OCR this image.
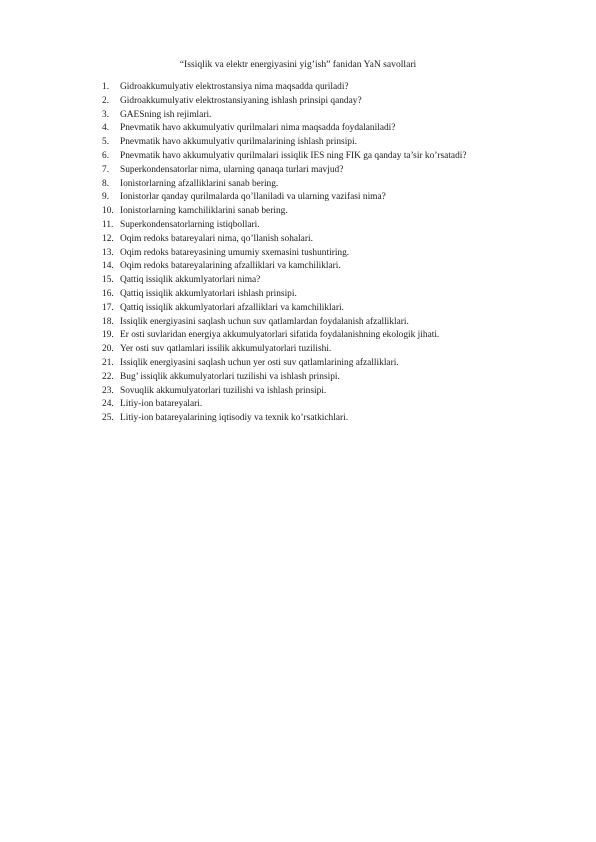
“Issiqlik va elektr energiyasini yig’ish” fanidan YaN savollari
1. Gidroakkumulyativ elektrostansiya nima maqsadda quriladi?
2. Gidroakkumulyativ elektrostansiyaning ishlash prinsipi qanday?
3. GAESning ish rejimlari.
4. Pnevmatik havo akkumulyativ qurilmalari nima maqsadda foydalaniladi?
5. Pnevmatik havo akkumulyativ qurilmalarining ishlash prinsipi.
6. Pnevmatik havo akkumulyativ qurilmalari issiqlik IES ning FIK ga qanday ta’sir ko’rsatadi?
7. Superkondensatorlar nima, ularning qanaqa turlari mavjud?
8. Ionistorlarning afzalliklarini sanab bering.
9. Ionistorlar qanday qurilmalarda qo’llaniladi va ularning vazifasi nima?
10. Ionistorlarning kamchiliklarini sanab bering.
11. Superkondensatorlarning istiqbollari.
12. Oqim redoks batareyalari nima, qo’llanish sohalari.
13. Oqim redoks batareyasining umumiy sxemasini tushuntiring.
14. Oqim redoks batareyalarining afzalliklari va kamchiliklari.
15. Qattiq issiqlik akkumlyatorlari nima?
16. Qattiq issiqlik akkumlyatorlari ishlash prinsipi.
17. Qattiq issiqlik akkumlyatorlari afzalliklari va kamchiliklari.
18. Issiqlik energiyasini saqlash uchun suv qatlamlardan foydalanish afzalliklari.
19. Er osti suvlaridan energiya akkumulyatorlari sifatida foydalanishning ekologik jihati.
20. Yer osti suv qatlamlari issilik akkumulyatorlari tuzilishi.
21. Issiqlik energiyasini saqlash uchun yer osti suv qatlamlarining afzalliklari.
22. Bug’ issiqlik akkumulyatorlari tuzilishi va ishlash prinsipi.
23. Sovuqlik akkumulyatorlari tuzilishi va ishlash prinsipi.
24. Litiy-ion batareyalari.
25. Litiy-ion batareyalarining iqtisodiy va texnik ko’rsatkichlari.
